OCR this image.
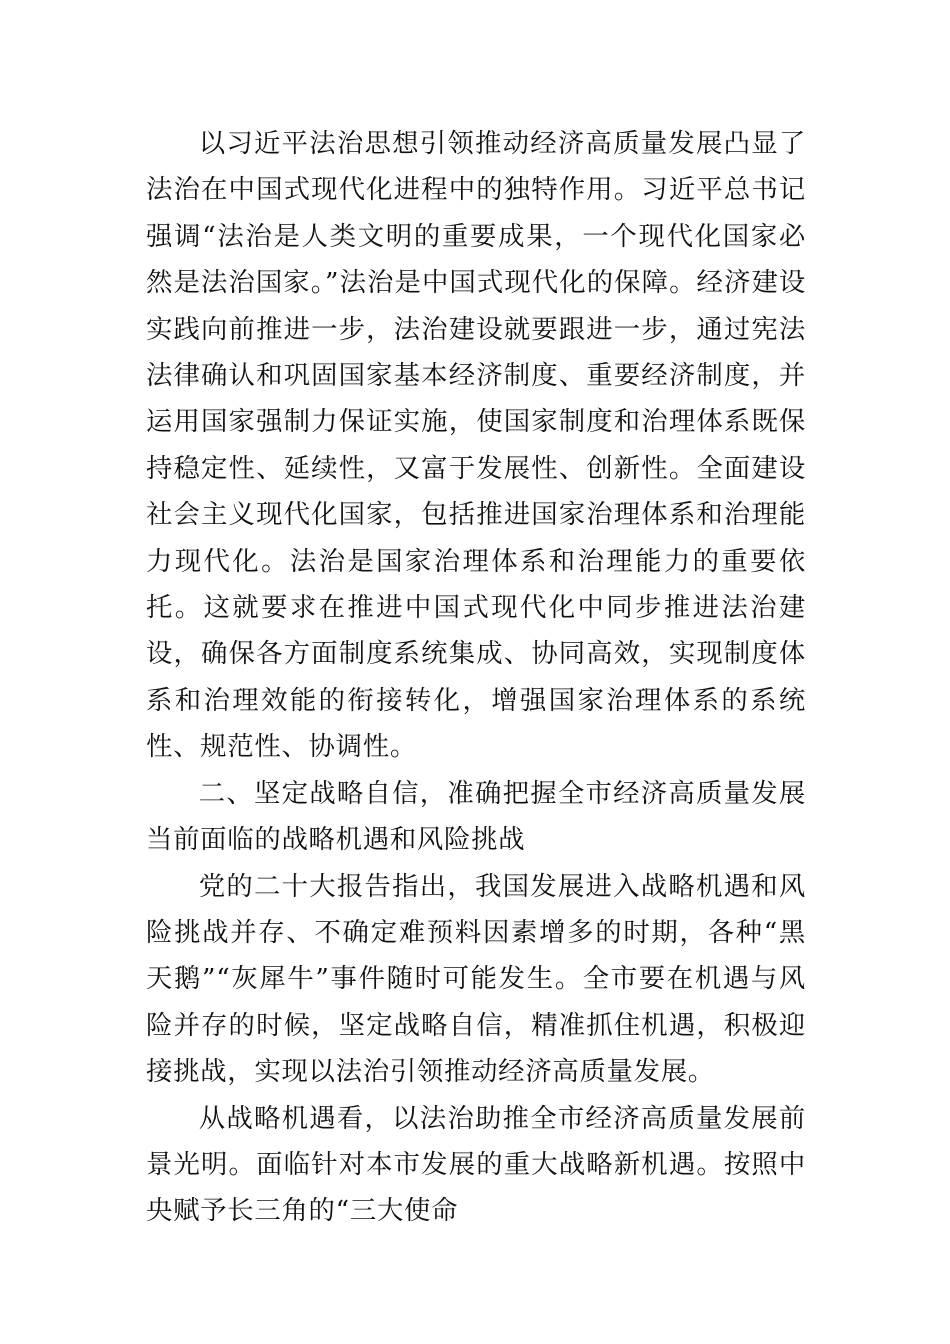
以习近平法治思想引领推动经济高质量发展凸显了法治在中国式现代化进程中的独特作用。习近平总书记强调“法治是人类文明的重要成果，一个现代化国家必然是法治国家。”法治是中国式现代化的保障。经济建设实践向前推进一步，法治建设就要跟进一步，通过宪法法律确认和巩固国家基本经济制度、重要经济制度，并运用国家强制力保证实施，使国家制度和治理体系既保持稳定性、延续性，又富于发展性、创新性。全面建设社会主义现代化国家，包括推进国家治理体系和治理能力现代化。法治是国家治理体系和治理能力的重要依托。这就要求在推进中国式现代化中同步推进法治建设，确保各方面制度系统集成、协同高效，实现制度体系和治理效能的衔接转化，增强国家治理体系的系统性、规范性、协调性。

二、坚定战略自信，准确把握全市经济高质量发展当前面临的战略机遇和风险挑战

党的二十大报告指出，我国发展进入战略机遇和风险挑战并存、不确定难预料因素增多的时期，各种“黑天鹅”“灰犀牛”事件随时可能发生。全市要在机遇与风险并存的时候，坚定战略自信，精准抓住机遇，积极迎接挑战，实现以法治引领推动经济高质量发展。

从战略机遇看，以法治助推全市经济高质量发展前景光明。面临针对本市发展的重大战略新机遇。按照中央赋予长三角的“三大使命
